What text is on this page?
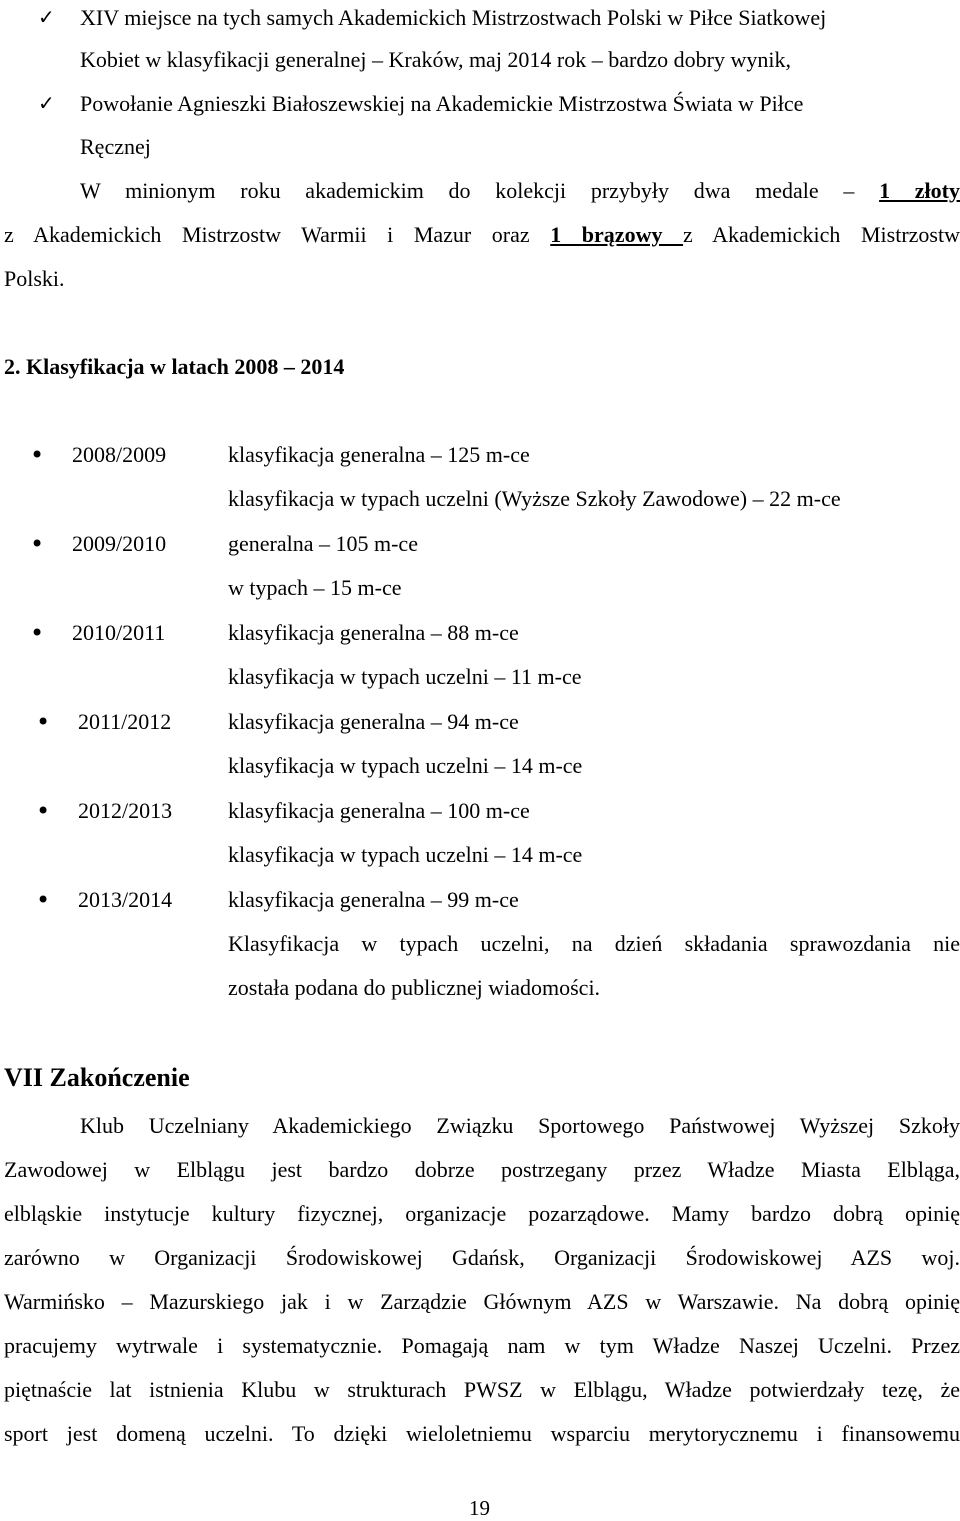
✓ XIV miejsce na tych samych Akademickich Mistrzostwach Polski w Piłce Siatkowej
Kobiet w klasyfikacji generalnej – Kraków, maj 2014 rok – bardzo dobry wynik,
✓ Powołanie Agnieszki Białoszewskiej na Akademickie Mistrzostwa Świata w Piłce
Ręcznej
W minionym roku akademickim do kolekcji przybyły dwa medale – 1 złoty
z Akademickich Mistrzostw Warmii i Mazur oraz 1 brązowy z Akademickich Mistrzostw
Polski.
2. Klasyfikacja w latach 2008 – 2014
• 2008/2009	klasyfikacja generalna – 125 m-ce
klasyfikacja w typach uczelni (Wyższe Szkoły Zawodowe) – 22 m-ce
• 2009/2010	generalna – 105 m-ce
w typach – 15 m-ce
• 2010/2011	klasyfikacja generalna – 88 m-ce
klasyfikacja w typach uczelni – 11 m-ce
• 2011/2012	klasyfikacja generalna – 94 m-ce
klasyfikacja w typach uczelni – 14 m-ce
• 2012/2013	klasyfikacja generalna – 100 m-ce
klasyfikacja w typach uczelni – 14 m-ce
• 2013/2014	klasyfikacja generalna – 99 m-ce
Klasyfikacja w typach uczelni, na dzień składania sprawozdania nie
została podana do publicznej wiadomości.
VII Zakończenie
Klub Uczelniany Akademickiego Związku Sportowego Państwowej Wyższej Szkoły
Zawodowej w Elblągu jest bardzo dobrze postrzegany przez Władze Miasta Elbląga,
elbląskie instytucje kultury fizycznej, organizacje pozarządowe. Mamy bardzo dobrą opinię
zarówno w Organizacji Środowiskowej Gdańsk, Organizacji Środowiskowej AZS woj.
Warmińsko – Mazurskiego jak i w Zarządzie Głównym AZS w Warszawie. Na dobrą opinię
pracujemy wytrwale i systematycznie. Pomagają nam w tym Władze Naszej Uczelni. Przez
piętnaście lat istnienia Klubu w strukturach PWSZ w Elblągu, Władze potwierdzały tezę, że
sport jest domeną uczelni. To dzięki wieloletniemu wsparciu merytorycznemu i finansowemu
19
